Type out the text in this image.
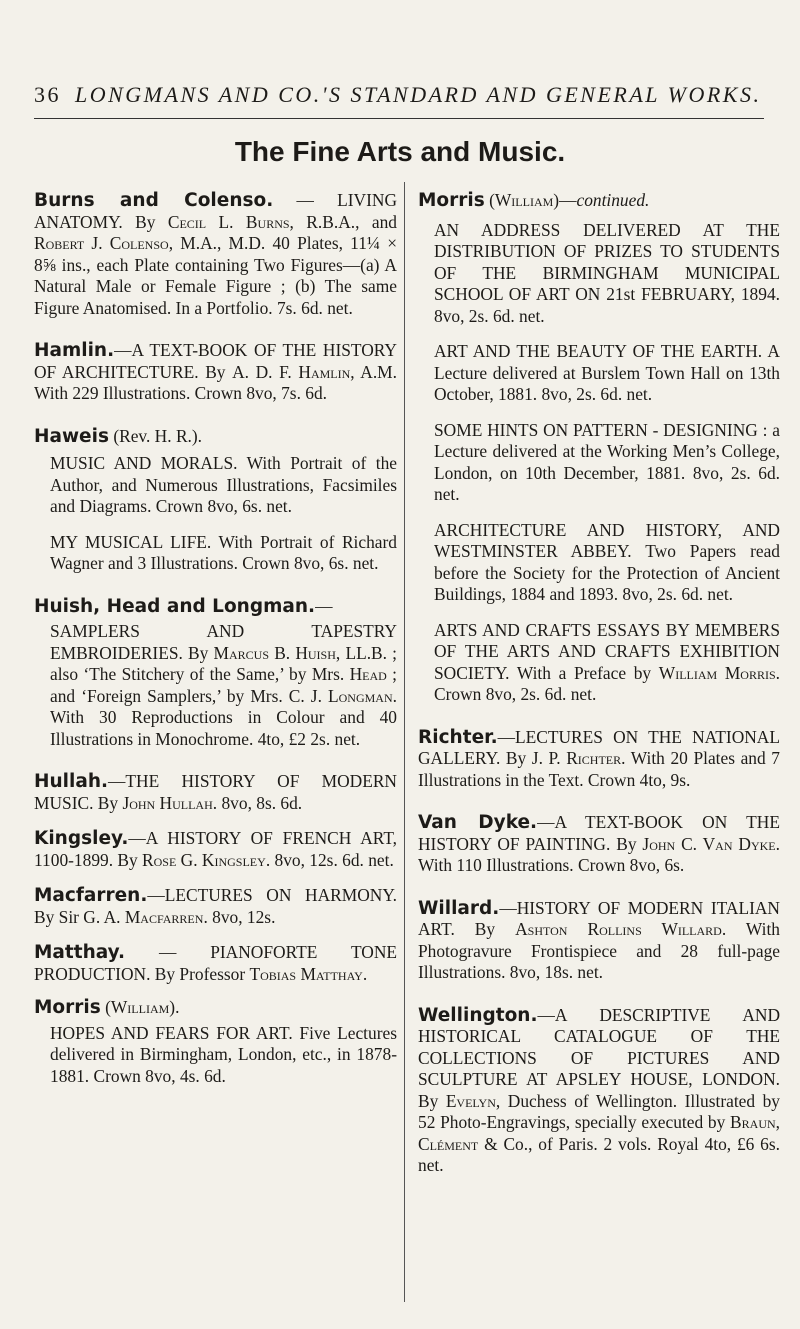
36 LONGMANS AND CO.'S STANDARD AND GENERAL WORKS.
The Fine Arts and Music.
Burns and Colenso. — LIVING ANATOMY. By Cecil L. Burns, R.B.A., and Robert J. Colenso, M.A., M.D. 40 Plates, 11¼ × 8⅝ ins., each Plate containing Two Figures—(a) A Natural Male or Female Figure ; (b) The same Figure Anatomised. In a Portfolio. 7s. 6d. net.
Hamlin.—A TEXT-BOOK OF THE HISTORY OF ARCHITECTURE. By A. D. F. Hamlin, A.M. With 229 Illustrations. Crown 8vo, 7s. 6d.
Haweis (Rev. H. R.).
MUSIC AND MORALS. With Portrait of the Author, and Numerous Illustrations, Facsimiles and Diagrams. Crown 8vo, 6s. net.
MY MUSICAL LIFE. With Portrait of Richard Wagner and 3 Illustrations. Crown 8vo, 6s. net.
Huish, Head and Longman.—
SAMPLERS AND TAPESTRY EMBROIDERIES. By Marcus B. Huish, LL.B. ; also ‘The Stitchery of the Same,’ by Mrs. Head ; and ‘Foreign Samplers,’ by Mrs. C. J. Longman. With 30 Reproductions in Colour and 40 Illustrations in Monochrome. 4to, £2 2s. net.
Hullah.—THE HISTORY OF MODERN MUSIC. By John Hullah. 8vo, 8s. 6d.
Kingsley.—A HISTORY OF FRENCH ART, 1100-1899. By Rose G. Kingsley. 8vo, 12s. 6d. net.
Macfarren.—LECTURES ON HARMONY. By Sir G. A. Macfarren. 8vo, 12s.
Matthay. — PIANOFORTE TONE PRODUCTION. By Professor Tobias Matthay.
Morris (William).
HOPES AND FEARS FOR ART. Five Lectures delivered in Birmingham, London, etc., in 1878-1881. Crown 8vo, 4s. 6d.
Morris (William)—continued.
AN ADDRESS DELIVERED AT THE DISTRIBUTION OF PRIZES TO STUDENTS OF THE BIRMINGHAM MUNICIPAL SCHOOL OF ART ON 21st FEBRUARY, 1894. 8vo, 2s. 6d. net.
ART AND THE BEAUTY OF THE EARTH. A Lecture delivered at Burslem Town Hall on 13th October, 1881. 8vo, 2s. 6d. net.
SOME HINTS ON PATTERN - DESIGNING : a Lecture delivered at the Working Men’s College, London, on 10th December, 1881. 8vo, 2s. 6d. net.
ARCHITECTURE AND HISTORY, AND WESTMINSTER ABBEY. Two Papers read before the Society for the Protection of Ancient Buildings, 1884 and 1893. 8vo, 2s. 6d. net.
ARTS AND CRAFTS ESSAYS BY MEMBERS OF THE ARTS AND CRAFTS EXHIBITION SOCIETY. With a Preface by William Morris. Crown 8vo, 2s. 6d. net.
Richter.—LECTURES ON THE NATIONAL GALLERY. By J. P. Richter. With 20 Plates and 7 Illustrations in the Text. Crown 4to, 9s.
Van Dyke.—A TEXT-BOOK ON THE HISTORY OF PAINTING. By John C. Van Dyke. With 110 Illustrations. Crown 8vo, 6s.
Willard.—HISTORY OF MODERN ITALIAN ART. By Ashton Rollins Willard. With Photogravure Frontispiece and 28 full-page Illustrations. 8vo, 18s. net.
Wellington.—A DESCRIPTIVE AND HISTORICAL CATALOGUE OF THE COLLECTIONS OF PICTURES AND SCULPTURE AT APSLEY HOUSE, LONDON. By Evelyn, Duchess of Wellington. Illustrated by 52 Photo-Engravings, specially executed by Braun, Clément & Co., of Paris. 2 vols. Royal 4to, £6 6s. net.
